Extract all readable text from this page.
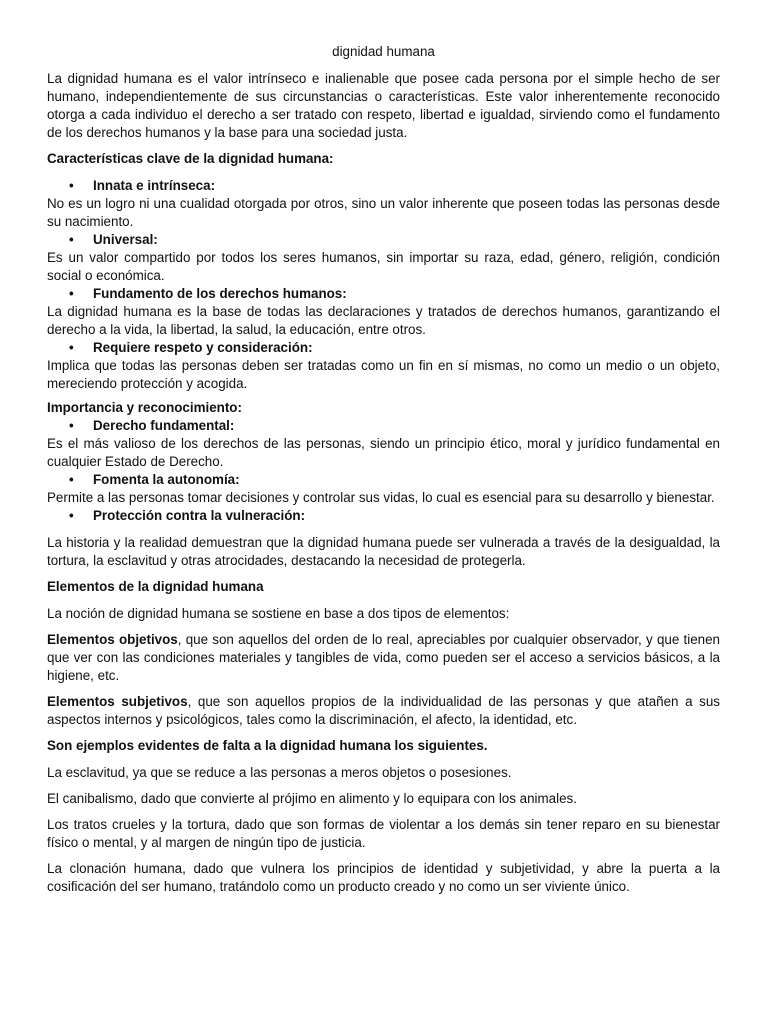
dignidad humana

La dignidad humana es el valor intrínseco e inalienable que posee cada persona por el simple hecho de ser humano, independientemente de sus circunstancias o características. Este valor inherentemente reconocido otorga a cada individuo el derecho a ser tratado con respeto, libertad e igualdad, sirviendo como el fundamento de los derechos humanos y la base para una sociedad justa.

Características clave de la dignidad humana:
• Innata e intrínseca:

No es un logro ni una cualidad otorgada por otros, sino un valor inherente que poseen todas las personas desde su nacimiento.

• Universal:

Es un valor compartido por todos los seres humanos, sin importar su raza, edad, género, religión, condición social o económica.

• Fundamento de los derechos humanos:

La dignidad humana es la base de todas las declaraciones y tratados de derechos humanos, garantizando el derecho a la vida, la libertad, la salud, la educación, entre otros.

• Requiere respeto y consideración:

Implica que todas las personas deben ser tratadas como un fin en sí mismas, no como un medio o un objeto, mereciendo protección y acogida.

Importancia y reconocimiento:
• Derecho fundamental:

Es el más valioso de los derechos de las personas, siendo un principio ético, moral y jurídico fundamental en cualquier Estado de Derecho.

• Fomenta la autonomía:

Permite a las personas tomar decisiones y controlar sus vidas, lo cual es esencial para su desarrollo y bienestar.

• Protección contra la vulneración:

La historia y la realidad demuestran que la dignidad humana puede ser vulnerada a través de la desigualdad, la tortura, la esclavitud y otras atrocidades, destacando la necesidad de protegerla.

Elementos de la dignidad humana

La noción de dignidad humana se sostiene en base a dos tipos de elementos:

Elementos objetivos, que son aquellos del orden de lo real, apreciables por cualquier observador, y que tienen que ver con las condiciones materiales y tangibles de vida, como pueden ser el acceso a servicios básicos, a la higiene, etc.

Elementos subjetivos, que son aquellos propios de la individualidad de las personas y que atañen a sus aspectos internos y psicológicos, tales como la discriminación, el afecto, la identidad, etc.

Son ejemplos evidentes de falta a la dignidad humana los siguientes.

La esclavitud, ya que se reduce a las personas a meros objetos o posesiones.

El canibalismo, dado que convierte al prójimo en alimento y lo equipara con los animales.

Los tratos crueles y la tortura, dado que son formas de violentar a los demás sin tener reparo en su bienestar físico o mental, y al margen de ningún tipo de justicia.

La clonación humana, dado que vulnera los principios de identidad y subjetividad, y abre la puerta a la cosificación del ser humano, tratándolo como un producto creado y no como un ser viviente único.
